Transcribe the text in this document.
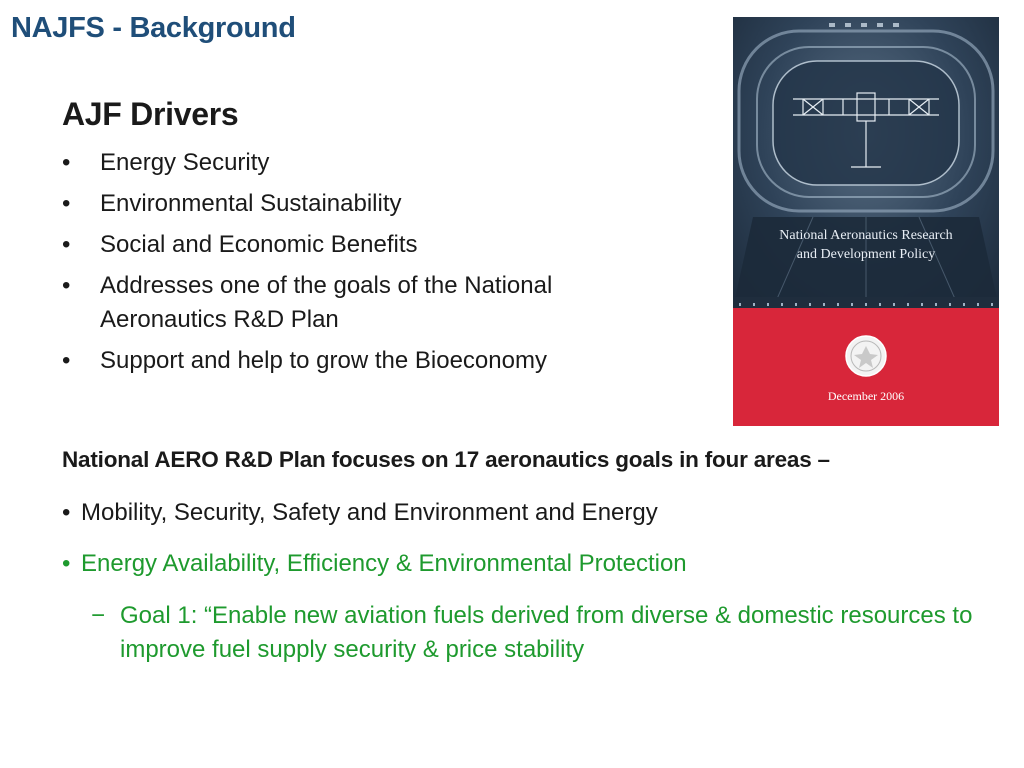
NAJFS - Background
AJF Drivers
• Energy Security
• Environmental Sustainability
• Social and Economic Benefits
• Addresses one of the goals of the National Aeronautics R&D Plan
• Support and help to grow the Bioeconomy
National AERO R&D Plan focuses on 17 aeronautics goals in four areas –
• Mobility, Security, Safety and Environment and Energy
• Energy Availability, Efficiency & Environmental Protection
− Goal 1: “Enable new aviation fuels derived from diverse & domestic resources to improve fuel supply security & price stability
National Aeronautics Research
and Development Policy
December 2006
